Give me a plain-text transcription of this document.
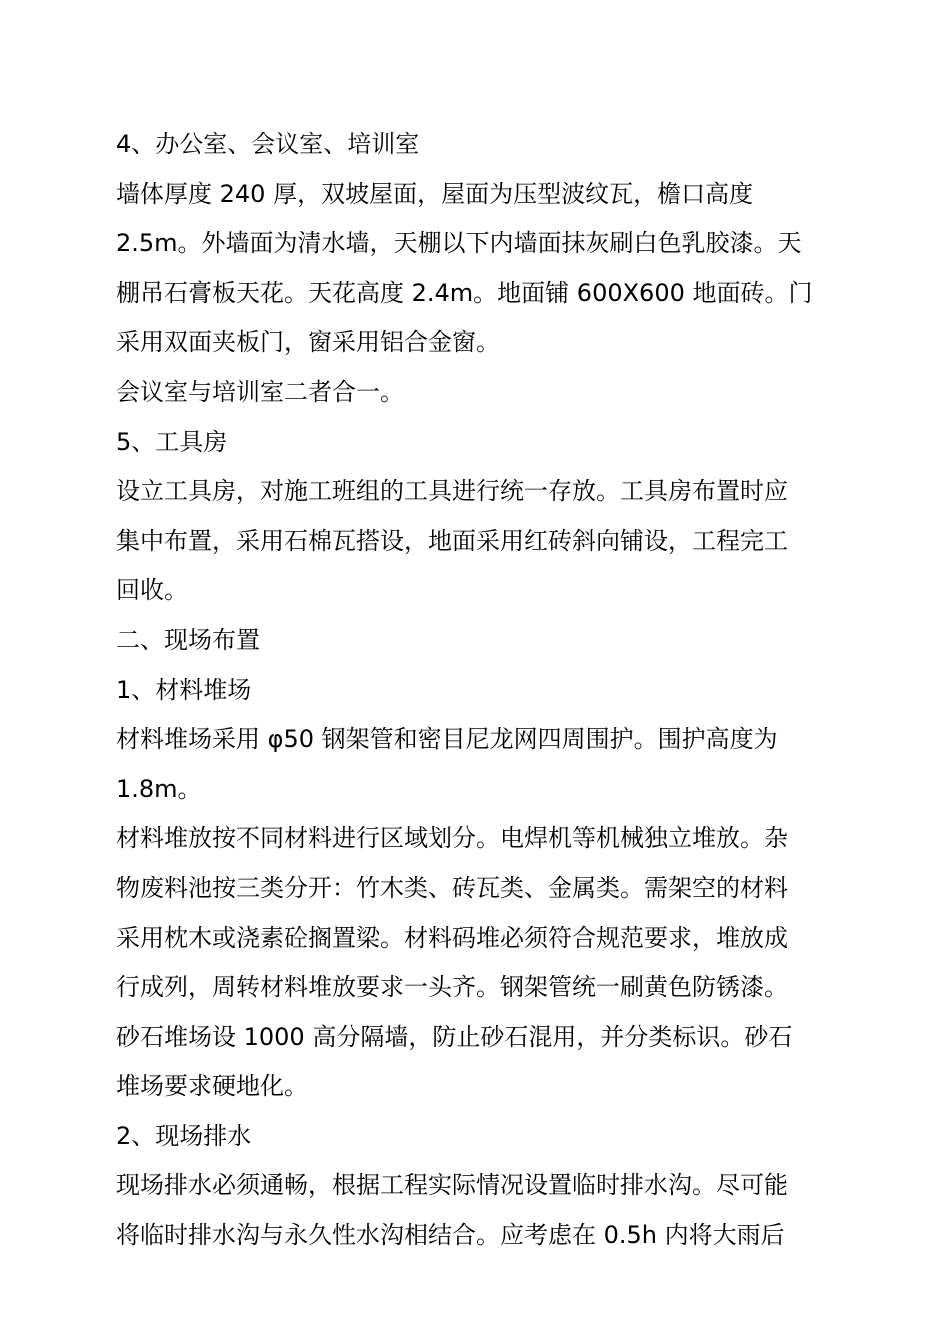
4、办公室、会议室、培训室
墙体厚度 240 厚，双坡屋面，屋面为压型波纹瓦，檐口高度
2.5m。外墙面为清水墙，天棚以下内墙面抹灰刷白色乳胶漆。天
棚吊石膏板天花。天花高度 2.4m。地面铺 600X600 地面砖。门
采用双面夹板门，窗采用铝合金窗。
会议室与培训室二者合一。
5、工具房
设立工具房，对施工班组的工具进行统一存放。工具房布置时应
集中布置，采用石棉瓦搭设，地面采用红砖斜向铺设，工程完工
回收。
二、现场布置
1、材料堆场
材料堆场采用 φ50 钢架管和密目尼龙网四周围护。围护高度为
1.8m。
材料堆放按不同材料进行区域划分。电焊机等机械独立堆放。杂
物废料池按三类分开：竹木类、砖瓦类、金属类。需架空的材料
采用枕木或浇素砼搁置梁。材料码堆必须符合规范要求，堆放成
行成列，周转材料堆放要求一头齐。钢架管统一刷黄色防锈漆。
砂石堆场设 1000 高分隔墙，防止砂石混用，并分类标识。砂石
堆场要求硬地化。
2、现场排水
现场排水必须通畅，根据工程实际情况设置临时排水沟。尽可能
将临时排水沟与永久性水沟相结合。应考虑在 0.5h 内将大雨后
